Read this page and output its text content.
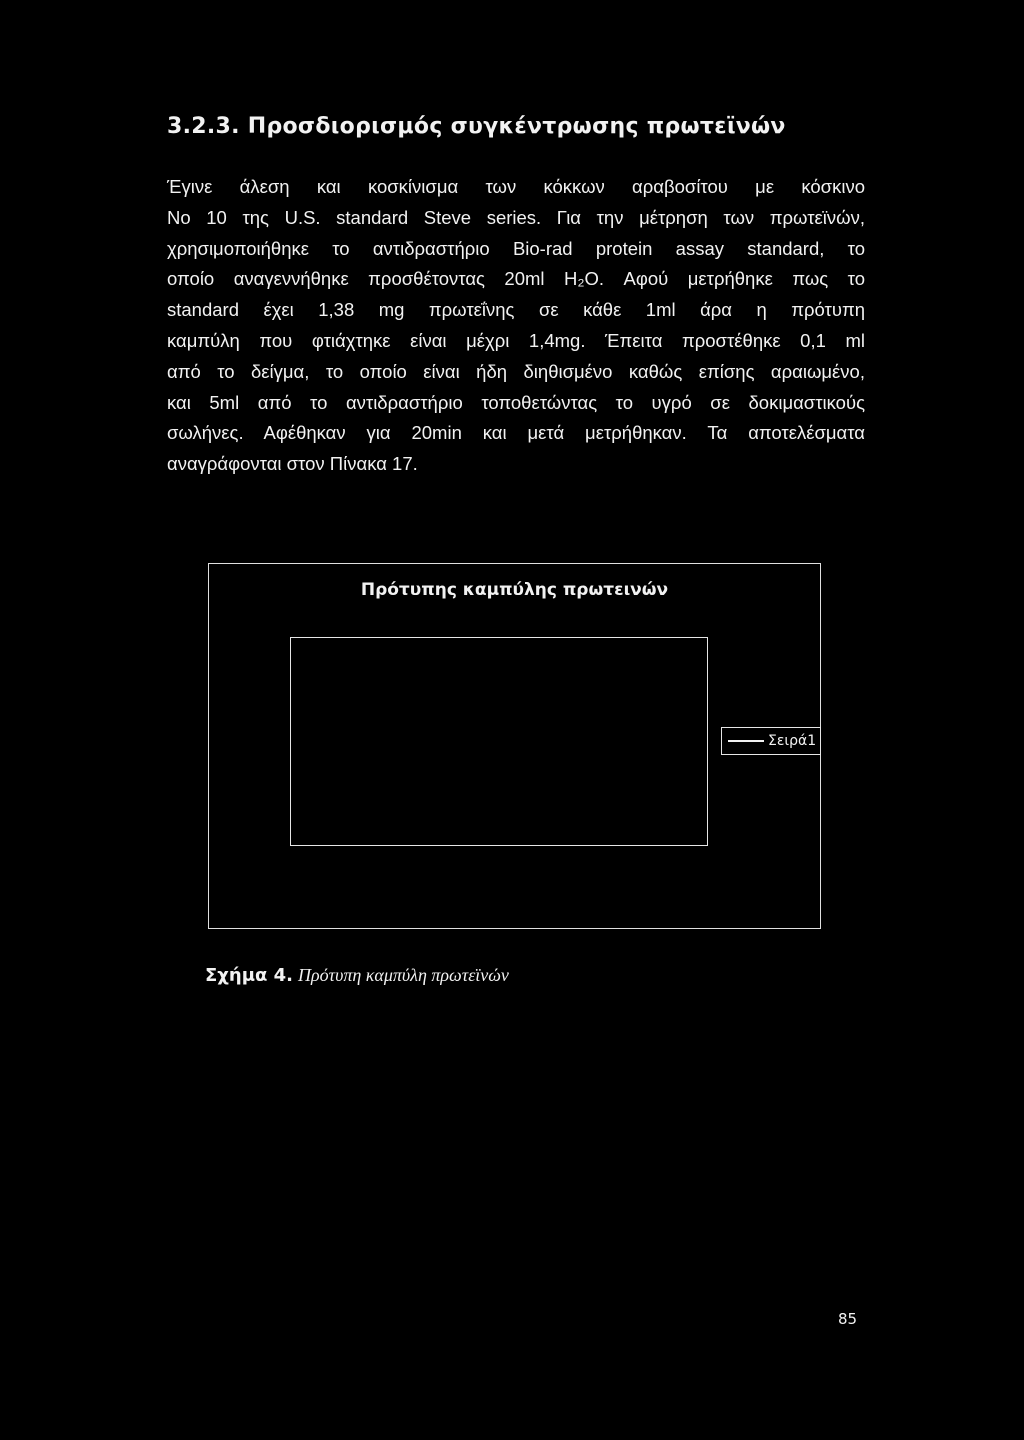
3.2.3. Προσδιορισμός συγκέντρωσης πρωτεϊνών
Έγινε άλεση και κοσκίνισμα των κόκκων αραβοσίτου με κόσκινο
No 10 της U.S. standard Steve series. Για την μέτρηση των πρωτεϊνών,
χρησιμοποιήθηκε το αντιδραστήριο Bio-rad protein assay standard, το
οποίο αναγεννήθηκε προσθέτοντας 20ml H₂O. Αφού μετρήθηκε πως το
standard έχει 1,38 mg πρωτεΐνης σε κάθε 1ml άρα η πρότυπη
καμπύλη που φτιάχτηκε είναι μέχρι 1,4mg. Έπειτα προστέθηκε 0,1 ml
από το δείγμα, το οποίο είναι ήδη διηθισμένο καθώς επίσης αραιωμένο,
και 5ml από το αντιδραστήριο τοποθετώντας το υγρό σε δοκιμαστικούς
σωλήνες. Αφέθηκαν για 20min και μετά μετρήθηκαν. Τα αποτελέσματα
αναγράφονται στον Πίνακα 17.
Πρότυπης καμπύλης πρωτεινών
Σειρά1
Σχήμα 4. Πρότυπη καμπύλη πρωτεϊνών
85
